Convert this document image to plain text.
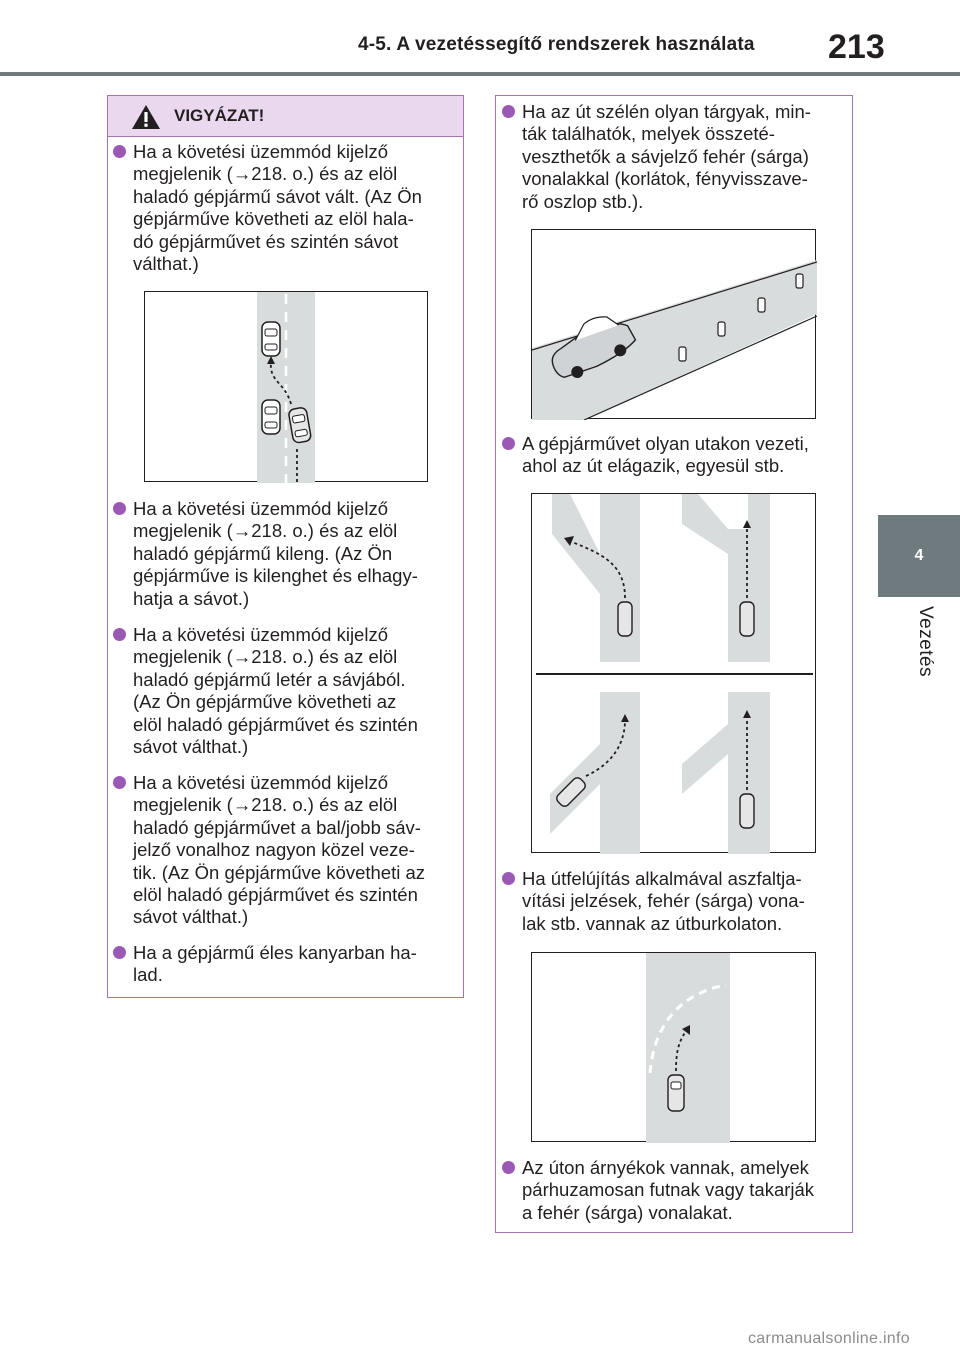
4-5. A vezetéssegítő rendszerek használata 213
4
Vezetés
VIGYÁZAT!
Ha a követési üzemmód kijelző
megjelenik (→218. o.) és az elöl
haladó gépjármű sávot vált. (Az Ön
gépjárműve követheti az elöl hala-
dó gépjárművet és szintén sávot
válthat.)
Ha a követési üzemmód kijelző
megjelenik (→218. o.) és az elöl
haladó gépjármű kileng. (Az Ön
gépjárműve is kilenghet és elhagy-
hatja a sávot.)
Ha a követési üzemmód kijelző
megjelenik (→218. o.) és az elöl
haladó gépjármű letér a sávjából.
(Az Ön gépjárműve követheti az
elöl haladó gépjárművet és szintén
sávot válthat.)
Ha a követési üzemmód kijelző
megjelenik (→218. o.) és az elöl
haladó gépjárművet a bal/jobb sáv-
jelző vonalhoz nagyon közel veze-
tik. (Az Ön gépjárműve követheti az
elöl haladó gépjárművet és szintén
sávot válthat.)
Ha a gépjármű éles kanyarban ha-
lad.
Ha az út szélén olyan tárgyak, min-
ták találhatók, melyek összeté-
veszthetők a sávjelző fehér (sárga)
vonalakkal (korlátok, fényvisszave-
rő oszlop stb.).
A gépjárművet olyan utakon vezeti,
ahol az út elágazik, egyesül stb.
Ha útfelújítás alkalmával aszfaltja-
vítási jelzések, fehér (sárga) vona-
lak stb. vannak az útburkolaton.
Az úton árnyékok vannak, amelyek
párhuzamosan futnak vagy takarják
a fehér (sárga) vonalakat.
carmanualsonline.info
